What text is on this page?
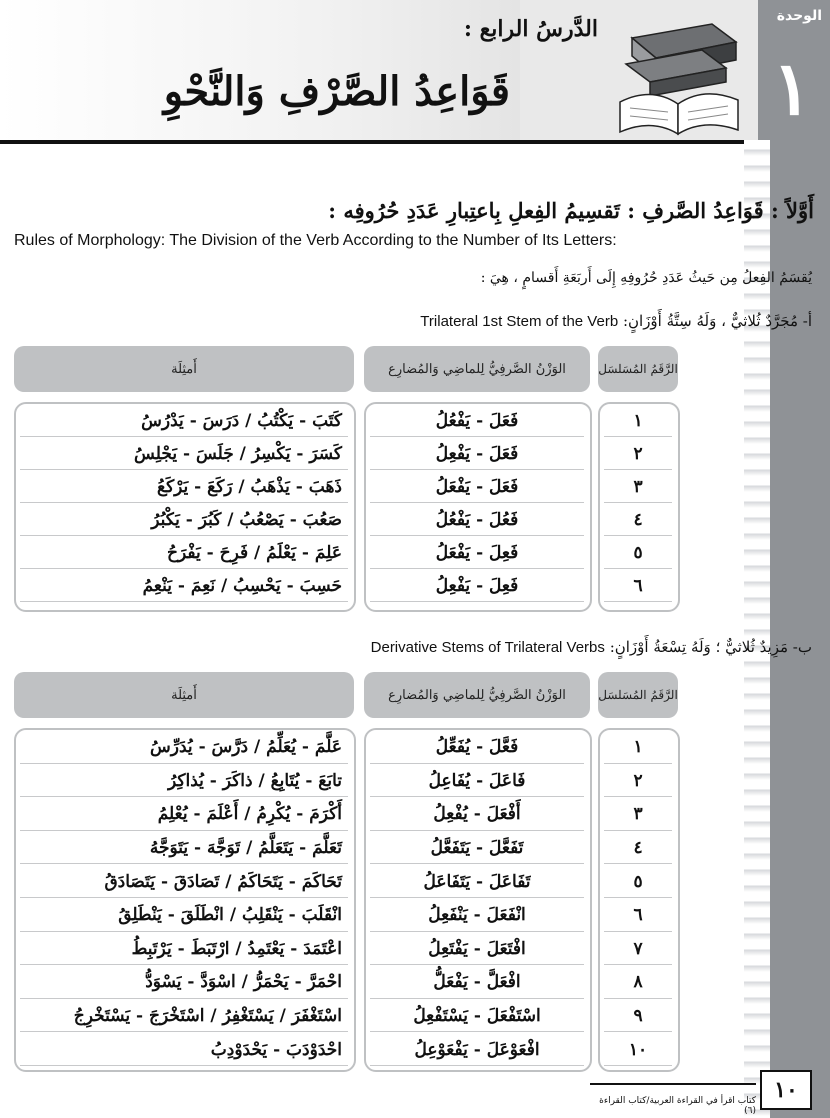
الوحدة
١
الدَّرسُ الرابع :
قَوَاعِدُ الصَّرْفِ وَالنَّحْوِ
أَوَّلاً : قَوَاعِدُ الصَّرفِ : تَقسِيمُ الفِعلِ بِاعتِبارِ عَدَدِ حُرُوفِه :
Rules of Morphology: The Division of the Verb According to the Number of Its Letters:
يُقسَمُ الفِعلُ مِن حَيثُ عَدَدِ حُرُوفِهِ إِلَى أَربَعَةِ أَقسامٍ ، هِيَ :
أ- مُجَرَّدٌ ثُلاثيٌّ ، وَلَهُ سِتَّةُ أَوْزَانٍ: Trilateral 1st Stem of the Verb
أَمثِلَة	الوَزْنُ الصَّرفِيُّ لِلماضِي وَالمُضارِع	الرَّقَمُ المُسَلسَل
كَتَبَ - يَكْتُبُ / دَرَسَ - يَدْرُسُ	فَعَلَ - يَفْعُلُ	١
كَسَرَ - يَكْسِرُ / جَلَسَ - يَجْلِسُ	فَعَلَ - يَفْعِلُ	٢
ذَهَبَ - يَذْهَبُ / رَكَعَ - يَرْكَعُ	فَعَلَ - يَفْعَلُ	٣
صَعُبَ - يَصْعُبُ / كَبُرَ - يَكْبُرُ	فَعُلَ - يَفْعُلُ	٤
عَلِمَ - يَعْلَمُ / فَرِحَ - يَفْرَحُ	فَعِلَ - يَفْعَلُ	٥
حَسِبَ - يَحْسِبُ / نَعِمَ - يَنْعِمُ	فَعِلَ - يَفْعِلُ	٦
ب- مَزِيدٌ ثُلاثيٌّ ؛ وَلَهُ تِسْعَةُ أَوْزَانٍ: Derivative Stems of Trilateral Verbs
أَمثِلَة	الوَزْنُ الصَّرفِيُّ لِلماضِي وَالمُضارِع	الرَّقَمُ المُسَلسَل
عَلَّمَ - يُعَلِّمُ / دَرَّسَ - يُدَرِّسُ	فَعَّلَ - يُفَعِّلُ	١
تابَعَ - يُتَابِعُ / ذاكَرَ - يُذاكِرُ	فَاعَلَ - يُفَاعِلُ	٢
أَكْرَمَ - يُكْرِمُ / أَعْلَمَ - يُعْلِمُ	أَفْعَلَ - يُفْعِلُ	٣
تَعَلَّمَ - يَتَعَلَّمُ / تَوَجَّهَ - يَتَوَجَّهُ	تَفَعَّلَ - يَتَفَعَّلُ	٤
تَحَاكَمَ - يَتَحَاكَمُ / تَصَادَقَ - يَتَصَادَقُ	تَفَاعَلَ - يَتَفَاعَلُ	٥
انْقَلَبَ - يَنْقَلِبُ / انْطَلَقَ - يَنْطَلِقُ	انْفَعَلَ - يَنْفَعِلُ	٦
اعْتَمَدَ - يَعْتَمِدُ / ارْتَبَطَ - يَرْتَبِطُ	افْتَعَلَ - يَفْتَعِلُ	٧
احْمَرَّ - يَحْمَرُّ / اسْوَدَّ - يَسْوَدُّ	افْعَلَّ - يَفْعَلُّ	٨
اسْتَغْفَرَ / يَسْتَغْفِرُ / اسْتَخْرَجَ - يَسْتَخْرِجُ	اسْتَفْعَلَ - يَسْتَفْعِلُ	٩
احْدَوْدَبَ - يَحْدَوْدِبُ	افْعَوْعَلَ - يَفْعَوْعِلُ	١٠
كتاب اقرأ في القراءة العربية/كتاب القراءة (٦)
١٠
